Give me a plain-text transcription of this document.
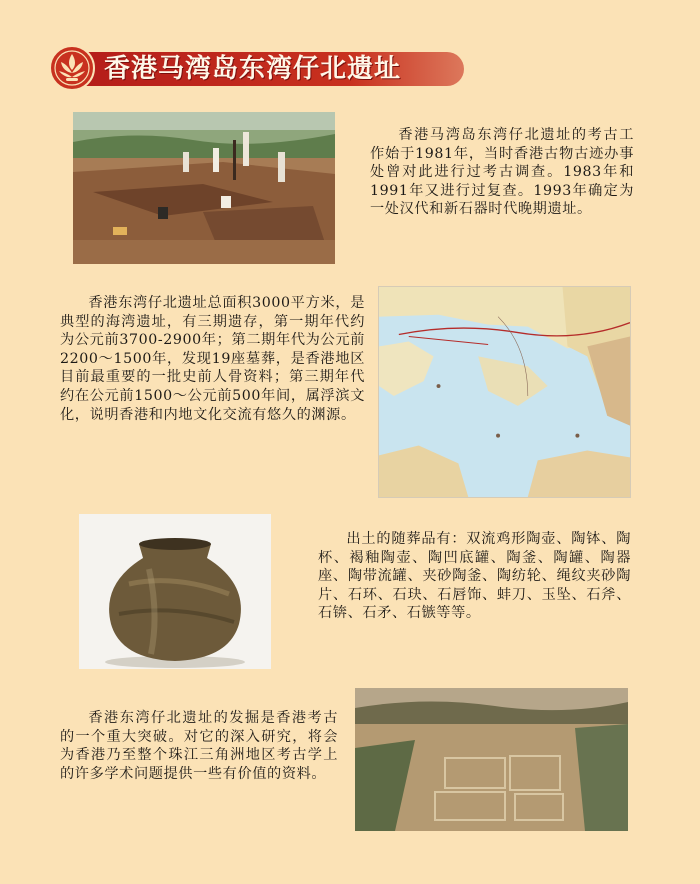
香港马湾岛东湾仔北遗址
香港马湾岛东湾仔北遗址的考古工作始于1981年，当时香港古物古迹办事处曾对此进行过考古调查。1983年和1991年又进行过复查。1993年确定为一处汉代和新石器时代晚期遗址。
香港东湾仔北遗址总面积3000平方米，是典型的海湾遗址，有三期遗存，第一期年代约为公元前3700-2900年；第二期年代为公元前 2200～1500年，发现19座墓葬，是香港地区目前最重要的一批史前人骨资料；第三期年代约在公元前1500～公元前500年间，属浮滨文化，说明香港和内地文化交流有悠久的渊源。
出土的随葬品有：双流鸡形陶壶、陶钵、陶杯、褐釉陶壶、陶凹底罐、陶釜、陶罐、陶器座、陶带流罐、夹砂陶釜、陶纺轮、绳纹夹砂陶片、石环、石玦、石唇饰、蚌刀、玉坠、石斧、石锛、石矛、石镞等等。
香港东湾仔北遗址的发掘是香港考古的一个重大突破。对它的深入研究，将会为香港乃至整个珠江三角洲地区考古学上的许多学术问题提供一些有价值的资料。
